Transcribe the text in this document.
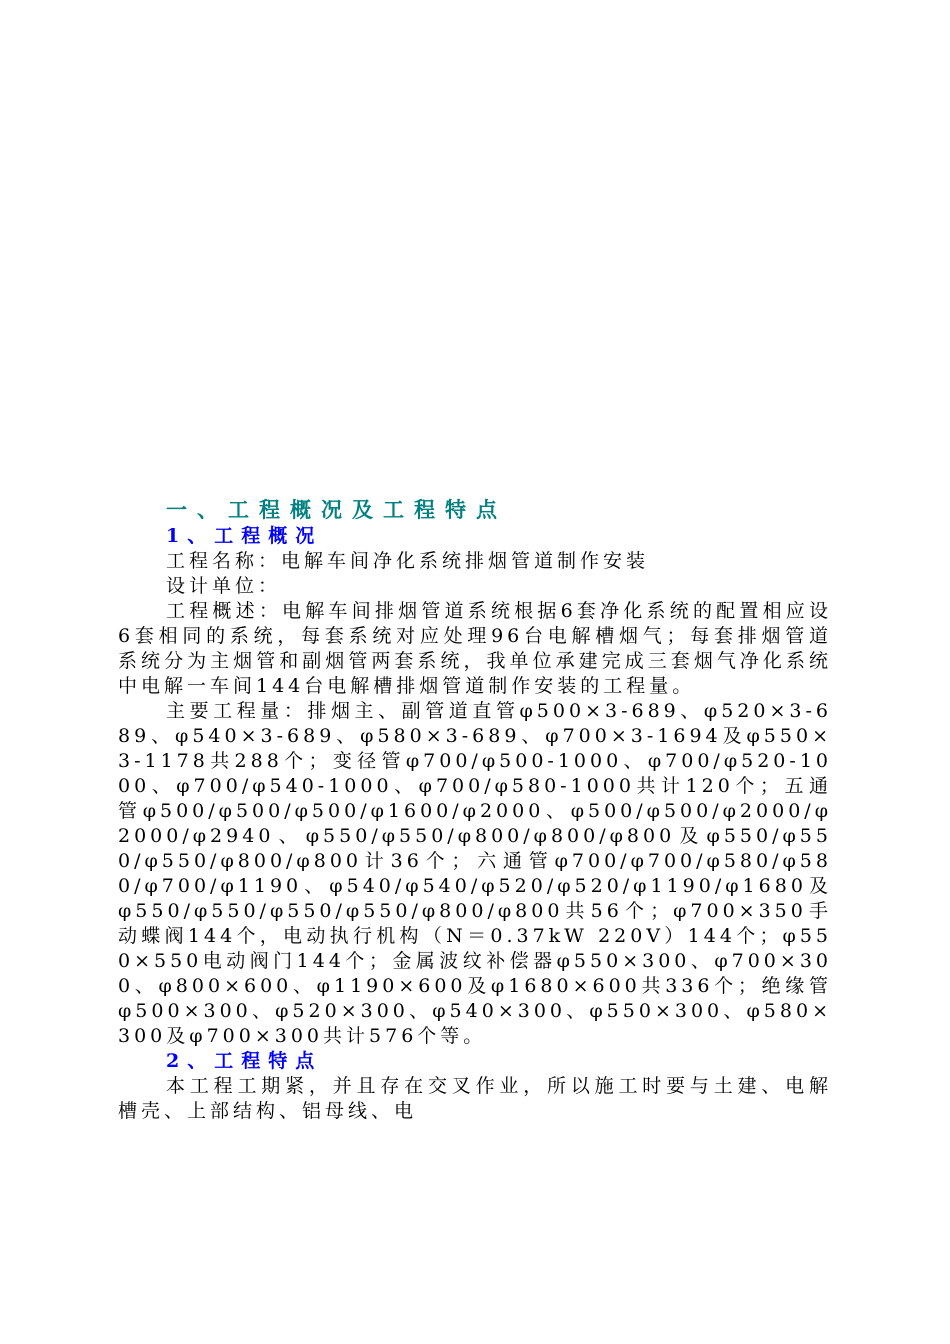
一、工程概况及工程特点
1、工程概况

工程名称：电解车间净化系统排烟管道制作安装

设计单位：

工程概述：电解车间排烟管道系统根据6套净化系统的配置相应设6套相同的系统，每套系统对应处理96台电解槽烟气；每套排烟管道系统分为主烟管和副烟管两套系统，我单位承建完成三套烟气净化系统中电解一车间144台电解槽排烟管道制作安装的工程量。

主要工程量：排烟主、副管道直管φ500×3-689、φ520×3-689、φ540×3-689、φ580×3-689、φ700×3-1694及φ550×3-1178共288个；变径管φ700/φ500-1000、φ700/φ520-1000、φ700/φ540-1000、φ700/φ580-1000共计120个；五通管φ500/φ500/φ500/φ1600/φ2000、φ500/φ500/φ2000/φ2000/φ2940、φ550/φ550/φ800/φ800/φ800及φ550/φ550/φ550/φ800/φ800计36个；六通管φ700/φ700/φ580/φ580/φ700/φ1190、φ540/φ540/φ520/φ520/φ1190/φ1680及φ550/φ550/φ550/φ550/φ800/φ800共56个；φ700×350手动蝶阀144个，电动执行机构（N＝0.37kW 220V）144个；φ550×550电动阀门144个；金属波纹补偿器φ550×300、φ700×300、φ800×600、φ1190×600及φ1680×600共336个；绝缘管φ500×300、φ520×300、φ540×300、φ550×300、φ580×300及φ700×300共计576个等。

2、工程特点

本工程工期紧，并且存在交叉作业，所以施工时要与土建、电解槽壳、上部结构、铝母线、电
